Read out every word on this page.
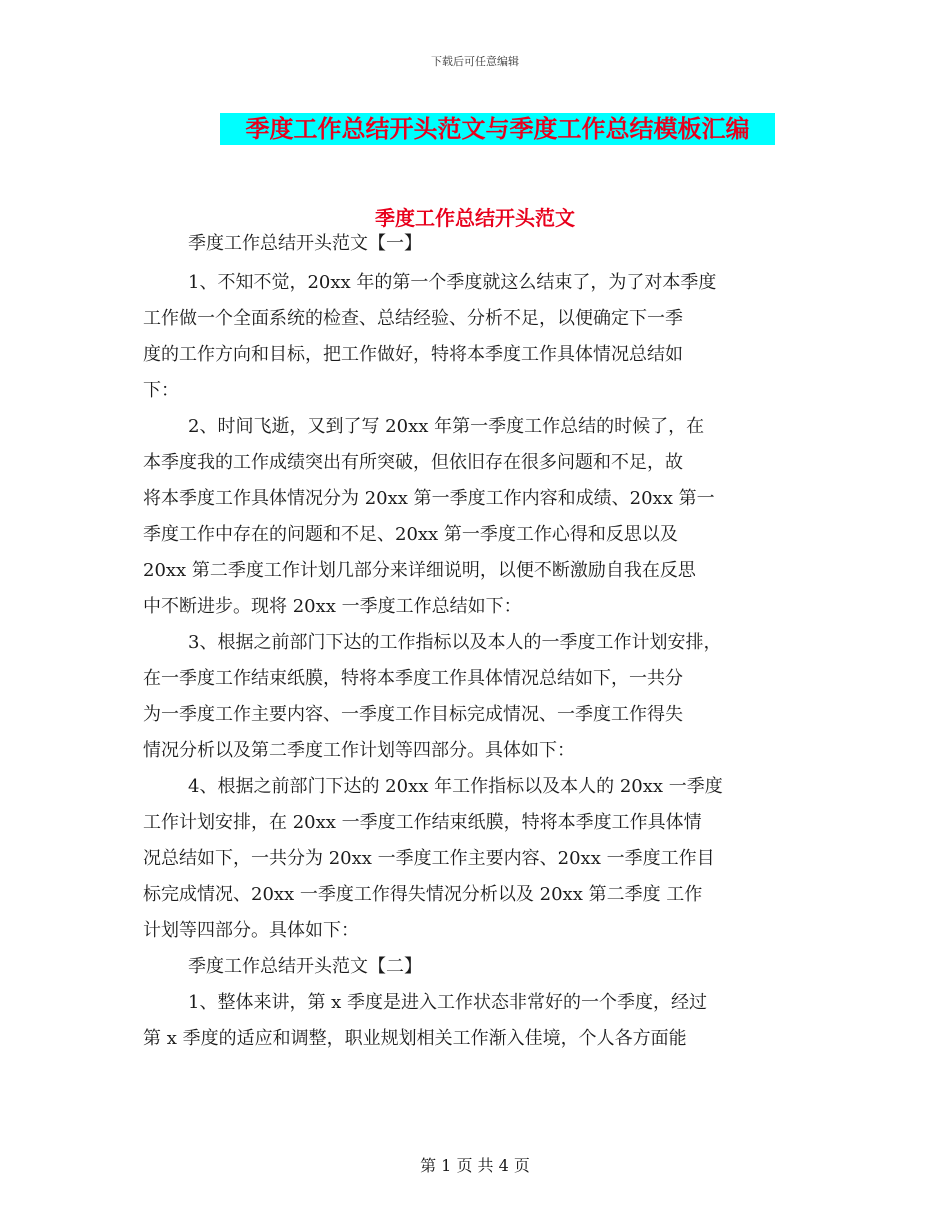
下载后可任意编辑
季度工作总结开头范文与季度工作总结模板汇编
季度工作总结开头范文
季度工作总结开头范文【一】
1、不知不觉，20xx 年的第一个季度就这么结束了，为了对本季度
工作做一个全面系统的检查、总结经验、分析不足，以便确定下一季
度的工作方向和目标，把工作做好，特将本季度工作具体情况总结如
下：
2、时间飞逝，又到了写 20xx 年第一季度工作总结的时候了，在
本季度我的工作成绩突出有所突破，但依旧存在很多问题和不足，故
将本季度工作具体情况分为 20xx 第一季度工作内容和成绩、20xx 第一
季度工作中存在的问题和不足、20xx 第一季度工作心得和反思以及
20xx 第二季度工作计划几部分来详细说明，以便不断激励自我在反思
中不断进步。现将 20xx 一季度工作总结如下：
3、根据之前部门下达的工作指标以及本人的一季度工作计划安排，
在一季度工作结束纸膜，特将本季度工作具体情况总结如下，一共分
为一季度工作主要内容、一季度工作目标完成情况、一季度工作得失
情况分析以及第二季度工作计划等四部分。具体如下：
4、根据之前部门下达的 20xx 年工作指标以及本人的 20xx 一季度
工作计划安排，在 20xx 一季度工作结束纸膜，特将本季度工作具体情
况总结如下，一共分为 20xx 一季度工作主要内容、20xx 一季度工作目
标完成情况、20xx 一季度工作得失情况分析以及 20xx 第二季度 工作
计划等四部分。具体如下：
季度工作总结开头范文【二】
1、整体来讲，第 x 季度是进入工作状态非常好的一个季度，经过
第 x 季度的适应和调整，职业规划相关工作渐入佳境，个人各方面能
第 1 页 共 4 页
